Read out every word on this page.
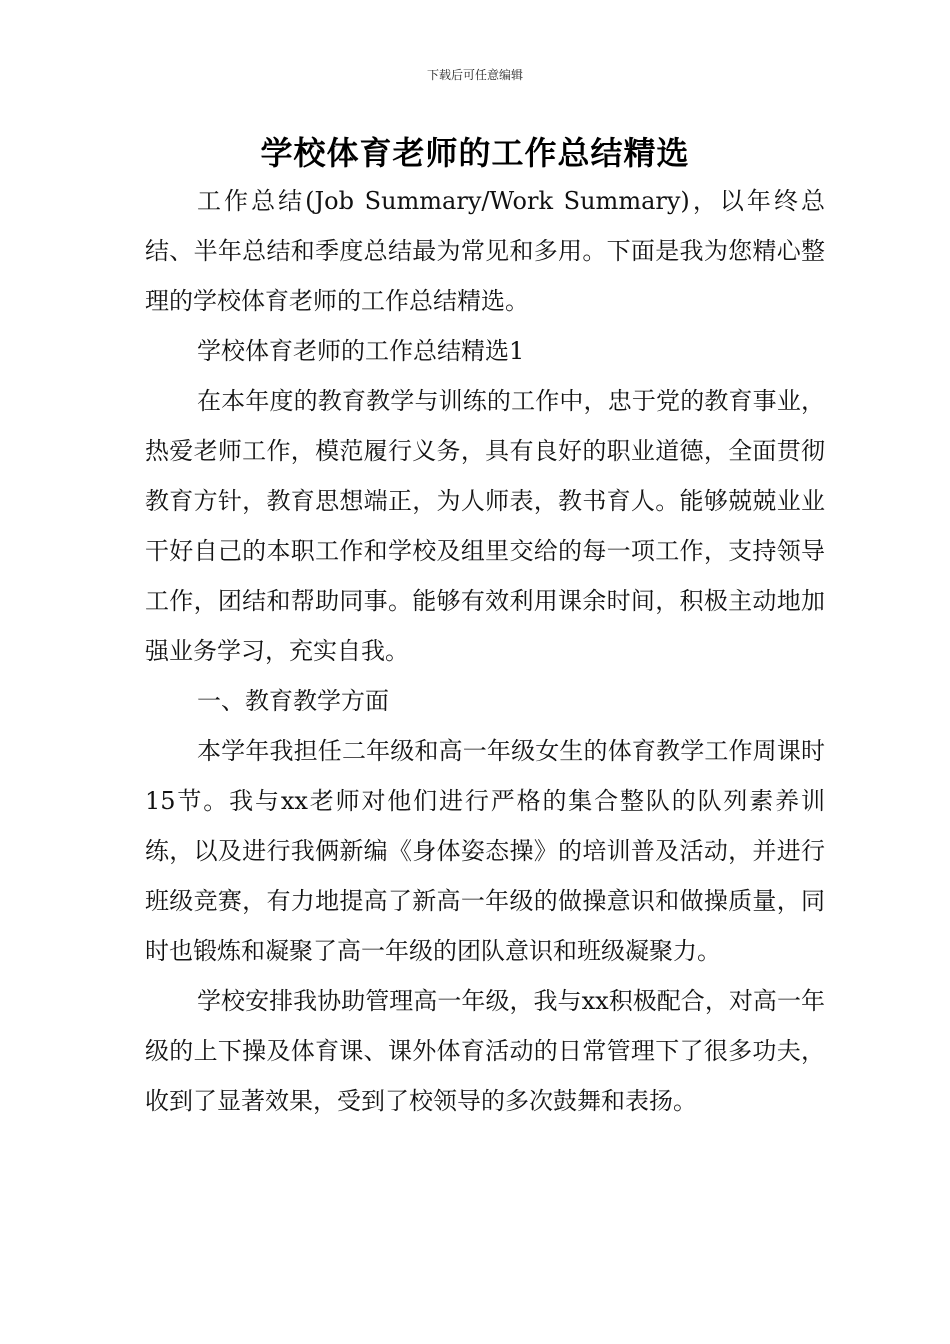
下载后可任意编辑
学校体育老师的工作总结精选

工作总结(Job Summary/Work Summary)，以年终总结、半年总结和季度总结最为常见和多用。下面是我为您精心整理的学校体育老师的工作总结精选。

学校体育老师的工作总结精选1

在本年度的教育教学与训练的工作中，忠于党的教育事业，热爱老师工作，模范履行义务，具有良好的职业道德，全面贯彻教育方针，教育思想端正，为人师表，教书育人。能够兢兢业业干好自己的本职工作和学校及组里交给的每一项工作，支持领导工作，团结和帮助同事。能够有效利用课余时间，积极主动地加强业务学习，充实自我。

一、教育教学方面

本学年我担任二年级和高一年级女生的体育教学工作周课时15节。我与xx老师对他们进行严格的集合整队的队列素养训练，以及进行我俩新编《身体姿态操》的培训普及活动，并进行班级竞赛，有力地提高了新高一年级的做操意识和做操质量，同时也锻炼和凝聚了高一年级的团队意识和班级凝聚力。

学校安排我协助管理高一年级，我与xx积极配合，对高一年级的上下操及体育课、课外体育活动的日常管理下了很多功夫，收到了显著效果，受到了校领导的多次鼓舞和表扬。
